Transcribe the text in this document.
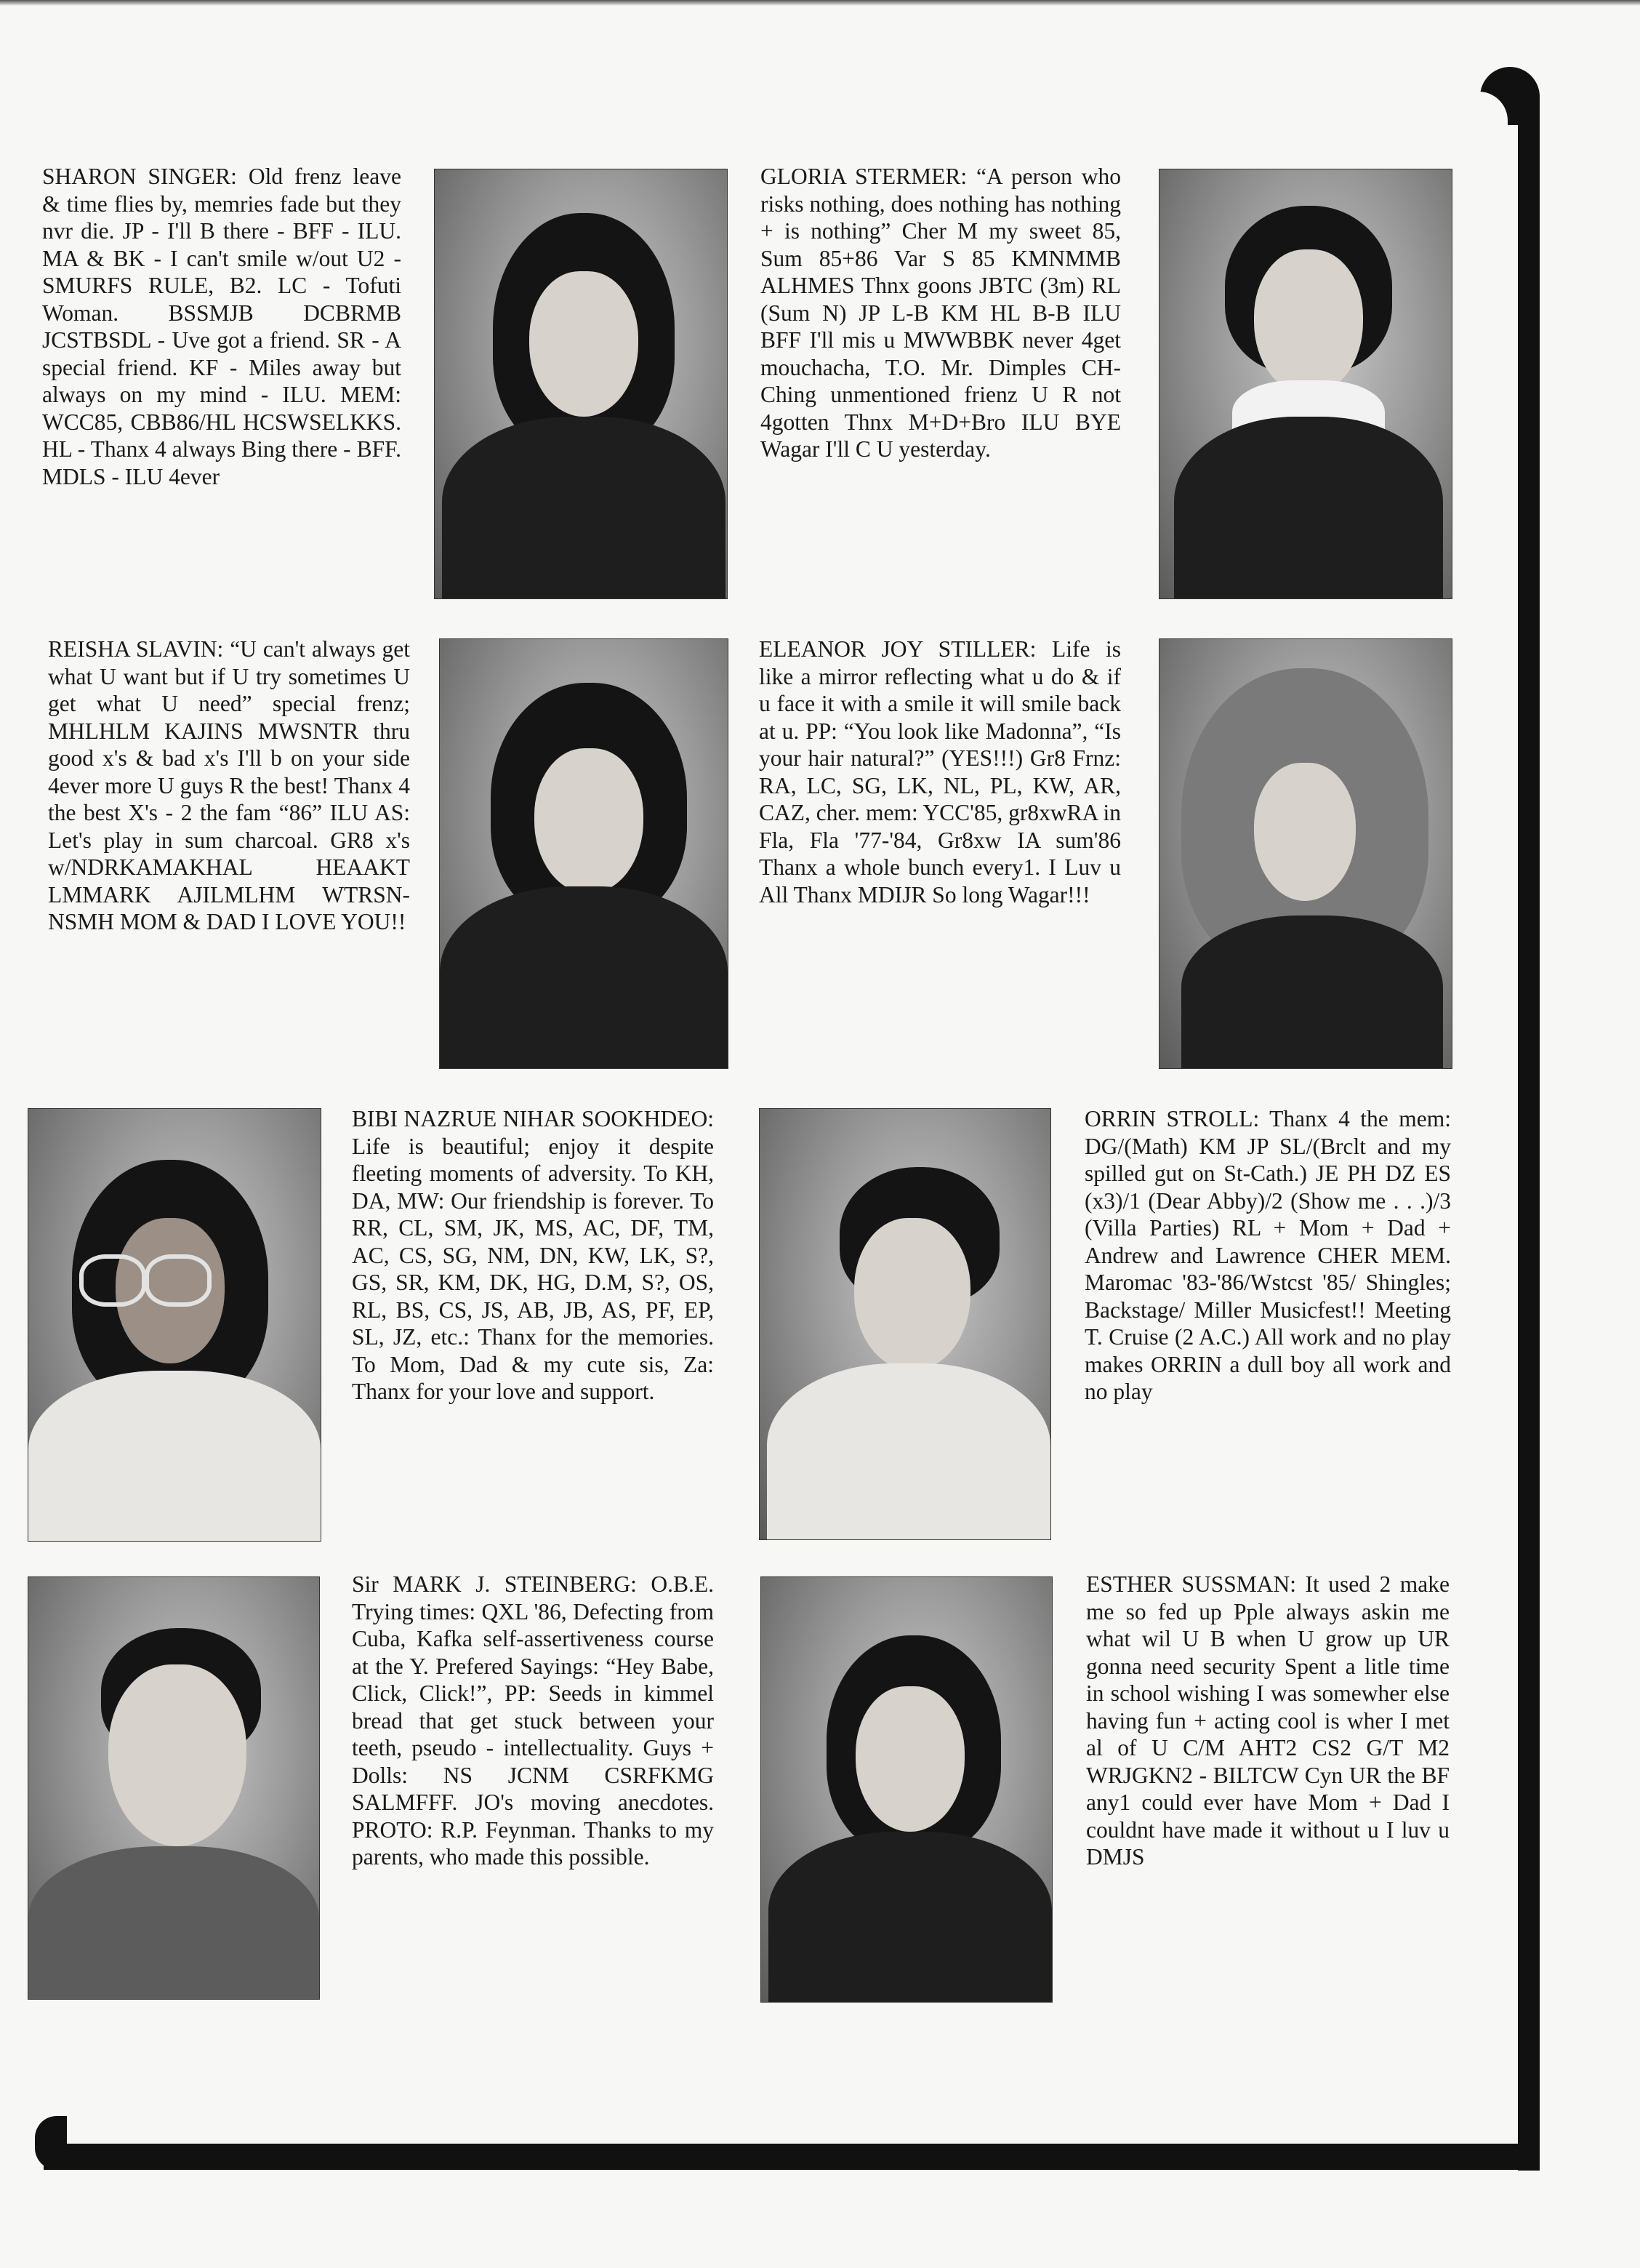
SHARON SINGER: Old frenz leave & time flies by, memries fade but they nvr die. JP - I'll B there - BFF - ILU. MA & BK - I can't smile w/out U2 - SMURFS RULE, B2. LC - Tofuti Woman. BSSMJB DCBRMB JCSTBSDL - Uve got a friend. SR - A special friend. KF - Miles away but always on my mind - ILU. MEM: WCC85, CBB86/HL HCSWSELKKS. HL - Thanx 4 always Bing there - BFF. MDLS - ILU 4ever

GLORIA STERMER: “A person who risks nothing, does nothing has nothing + is nothing” Cher M my sweet 85, Sum 85+86 Var S 85 KMNMMB ALHMES Thnx goons JBTC (3m) RL (Sum N) JP L-B KM HL B-B ILU BFF I'll mis u MWWBBK never 4get mouchacha, T.O. Mr. Dimples CH-Ching unmentioned frienz U R not 4gotten Thnx M+D+Bro ILU BYE Wagar I'll C U yesterday.

REISHA SLAVIN: “U can't always get what U want but if U try sometimes U get what U need” special frenz; MHLHLM KAJINS MWSNTR thru good x's & bad x's I'll b on your side 4ever more U guys R the best! Thanx 4 the best X's - 2 the fam “86” ILU AS: Let's play in sum charcoal. GR8 x's w/NDRKAMAKHAL HEAAKT LMMARK AJILMLHM WTRSN-NSMH MOM & DAD I LOVE YOU!!

ELEANOR JOY STILLER: Life is like a mirror reflecting what u do & if u face it with a smile it will smile back at u. PP: “You look like Madonna”, “Is your hair natural?” (YES!!!) Gr8 Frnz: RA, LC, SG, LK, NL, PL, KW, AR, CAZ, cher. mem: YCC'85, gr8xwRA in Fla, Fla '77-'84, Gr8xw IA sum'86 Thanx a whole bunch every1. I Luv u All Thanx MDIJR So long Wagar!!!

BIBI NAZRUE NIHAR SOOKHDEO: Life is beautiful; enjoy it despite fleeting moments of adversity. To KH, DA, MW: Our friendship is forever. To RR, CL, SM, JK, MS, AC, DF, TM, AC, CS, SG, NM, DN, KW, LK, S?, GS, SR, KM, DK, HG, D.M, S?, OS, RL, BS, CS, JS, AB, JB, AS, PF, EP, SL, JZ, etc.: Thanx for the memories. To Mom, Dad & my cute sis, Za: Thanx for your love and support.

ORRIN STROLL: Thanx 4 the mem: DG/(Math) KM JP SL/(Brclt and my spilled gut on St-Cath.) JE PH DZ ES (x3)/1 (Dear Abby)/2 (Show me . . .)/3 (Villa Parties) RL + Mom + Dad + Andrew and Lawrence CHER MEM. Maromac '83-'86/Wstcst '85/ Shingles; Backstage/ Miller Musicfest!! Meeting T. Cruise (2 A.C.) All work and no play makes ORRIN a dull boy all work and no play

Sir MARK J. STEINBERG: O.B.E. Trying times: QXL '86, Defecting from Cuba, Kafka self-assertiveness course at the Y. Prefered Sayings: “Hey Babe, Click, Click!”, PP: Seeds in kimmel bread that get stuck between your teeth, pseudo - intellectuality. Guys + Dolls: NS JCNM CSRFKMG SALMFFF. JO's moving anecdotes. PROTO: R.P. Feynman. Thanks to my parents, who made this possible.

ESTHER SUSSMAN: It used 2 make me so fed up Pple always askin me what wil U B when U grow up UR gonna need security Spent a litle time in school wishing I was somewher else having fun + acting cool is wher I met al of U C/M AHT2 CS2 G/T M2 WRJGKN2 - BILTCW Cyn UR the BF any1 could ever have Mom + Dad I couldnt have made it without u I luv u DMJS
